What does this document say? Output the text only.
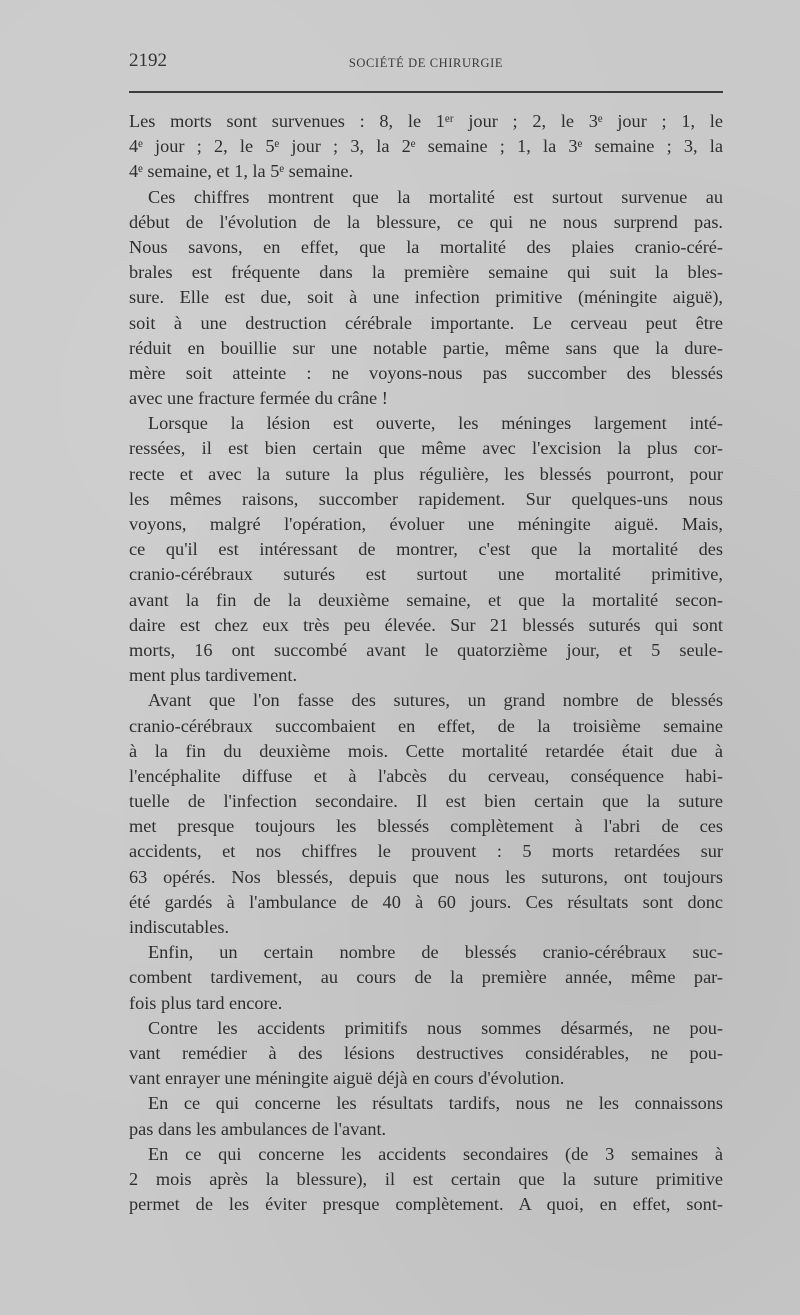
2192	SOCIÉTÉ DE CHIRURGIE
Les morts sont survenues : 8, le 1ᵉʳ jour ; 2, le 3ᵉ jour ; 1, le
4ᵉ jour ; 2, le 5ᵉ jour ; 3, la 2ᵉ semaine ; 1, la 3ᵉ semaine ; 3, la
4ᵉ semaine, et 1, la 5ᵉ semaine.
Ces chiffres montrent que la mortalité est surtout survenue au
début de l'évolution de la blessure, ce qui ne nous surprend pas.
Nous savons, en effet, que la mortalité des plaies cranio-céré-
brales est fréquente dans la première semaine qui suit la bles-
sure. Elle est due, soit à une infection primitive (méningite aiguë),
soit à une destruction cérébrale importante. Le cerveau peut être
réduit en bouillie sur une notable partie, même sans que la dure-
mère soit atteinte : ne voyons-nous pas succomber des blessés
avec une fracture fermée du crâne !
Lorsque la lésion est ouverte, les méninges largement inté-
ressées, il est bien certain que même avec l'excision la plus cor-
recte et avec la suture la plus régulière, les blessés pourront, pour
les mêmes raisons, succomber rapidement. Sur quelques-uns nous
voyons, malgré l'opération, évoluer une méningite aiguë. Mais,
ce qu'il est intéressant de montrer, c'est que la mortalité des
cranio-cérébraux suturés est surtout une mortalité primitive,
avant la fin de la deuxième semaine, et que la mortalité secon-
daire est chez eux très peu élevée. Sur 21 blessés suturés qui sont
morts, 16 ont succombé avant le quatorzième jour, et 5 seule-
ment plus tardivement.
Avant que l'on fasse des sutures, un grand nombre de blessés
cranio-cérébraux succombaient en effet, de la troisième semaine
à la fin du deuxième mois. Cette mortalité retardée était due à
l'encéphalite diffuse et à l'abcès du cerveau, conséquence habi-
tuelle de l'infection secondaire. Il est bien certain que la suture
met presque toujours les blessés complètement à l'abri de ces
accidents, et nos chiffres le prouvent : 5 morts retardées sur
63 opérés. Nos blessés, depuis que nous les suturons, ont toujours
été gardés à l'ambulance de 40 à 60 jours. Ces résultats sont donc
indiscutables.
Enfin, un certain nombre de blessés cranio-cérébraux suc-
combent tardivement, au cours de la première année, même par-
fois plus tard encore.
Contre les accidents primitifs nous sommes désarmés, ne pou-
vant remédier à des lésions destructives considérables, ne pou-
vant enrayer une méningite aiguë déjà en cours d'évolution.
En ce qui concerne les résultats tardifs, nous ne les connaissons
pas dans les ambulances de l'avant.
En ce qui concerne les accidents secondaires (de 3 semaines à
2 mois après la blessure), il est certain que la suture primitive
permet de les éviter presque complètement. A quoi, en effet, sont-
